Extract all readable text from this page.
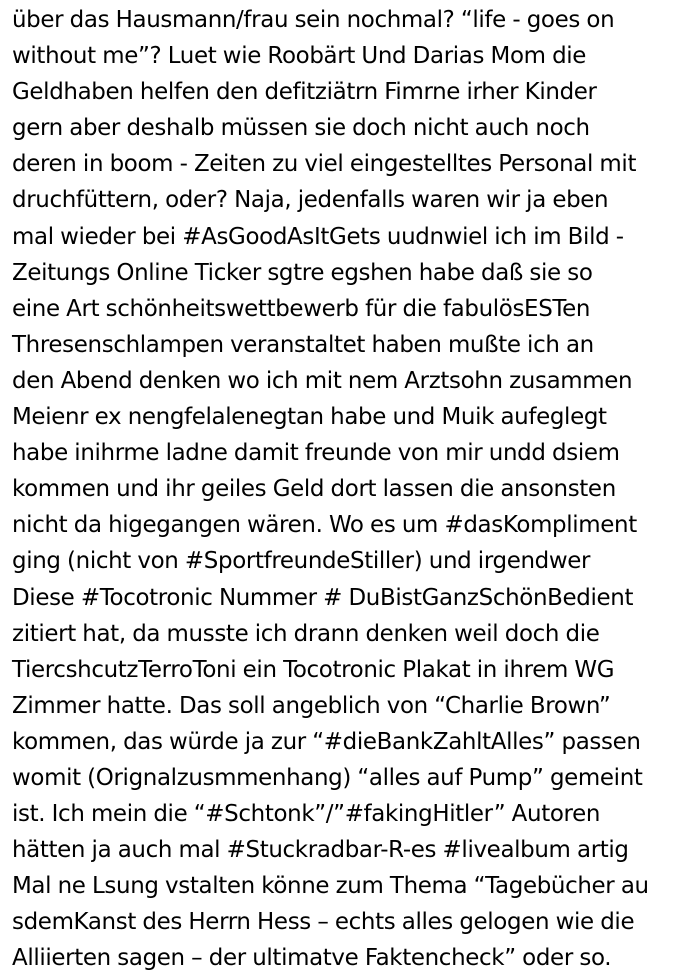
über das Hausmann/frau sein nochmal? “life - goes on
without me”? Luet wie Roobärt Und Darias Mom die
Geldhaben helfen den defitziätrn Fimrne irher Kinder
gern aber deshalb müssen sie doch nicht auch noch
deren in boom - Zeiten zu viel eingestelltes Personal mit
druchfüttern, oder? Naja, jedenfalls waren wir ja eben
mal wieder bei #AsGoodAsItGets uudnwiel ich im Bild -
Zeitungs Online Ticker sgtre egshen habe daß sie so
eine Art schönheitswettbewerb für die fabulösESTen
Thresenschlampen veranstaltet haben mußte ich an
den Abend denken wo ich mit nem Arztsohn zusammen
Meienr ex nengfelalenegtan habe und Muik aufeglegt
habe inihrme ladne damit freunde von mir undd dsiem
kommen und ihr geiles Geld dort lassen die ansonsten
nicht da higegangen wären. Wo es um #dasKompliment
ging (nicht von #SportfreundeStiller) und irgendwer
Diese #Tocotronic Nummer # DuBistGanzSchönBedient
zitiert hat, da musste ich drann denken weil doch die
TiercshcutzTerroToni ein Tocotronic Plakat in ihrem WG
Zimmer hatte. Das soll angeblich von “Charlie Brown”
kommen, das würde ja zur “#dieBankZahltAlles” passen
womit (Orignalzusmmenhang) “alles auf Pump” gemeint
ist. Ich mein die “#Schtonk”/”#fakingHitler” Autoren
hätten ja auch mal #Stuckradbar-R-es #livealbum artig
Mal ne Lsung vstalten könne zum Thema “Tagebücher au
sdemKanst des Herrn Hess – echts alles gelogen wie die
Alliierten sagen – der ultimatve Faktencheck” oder so.
